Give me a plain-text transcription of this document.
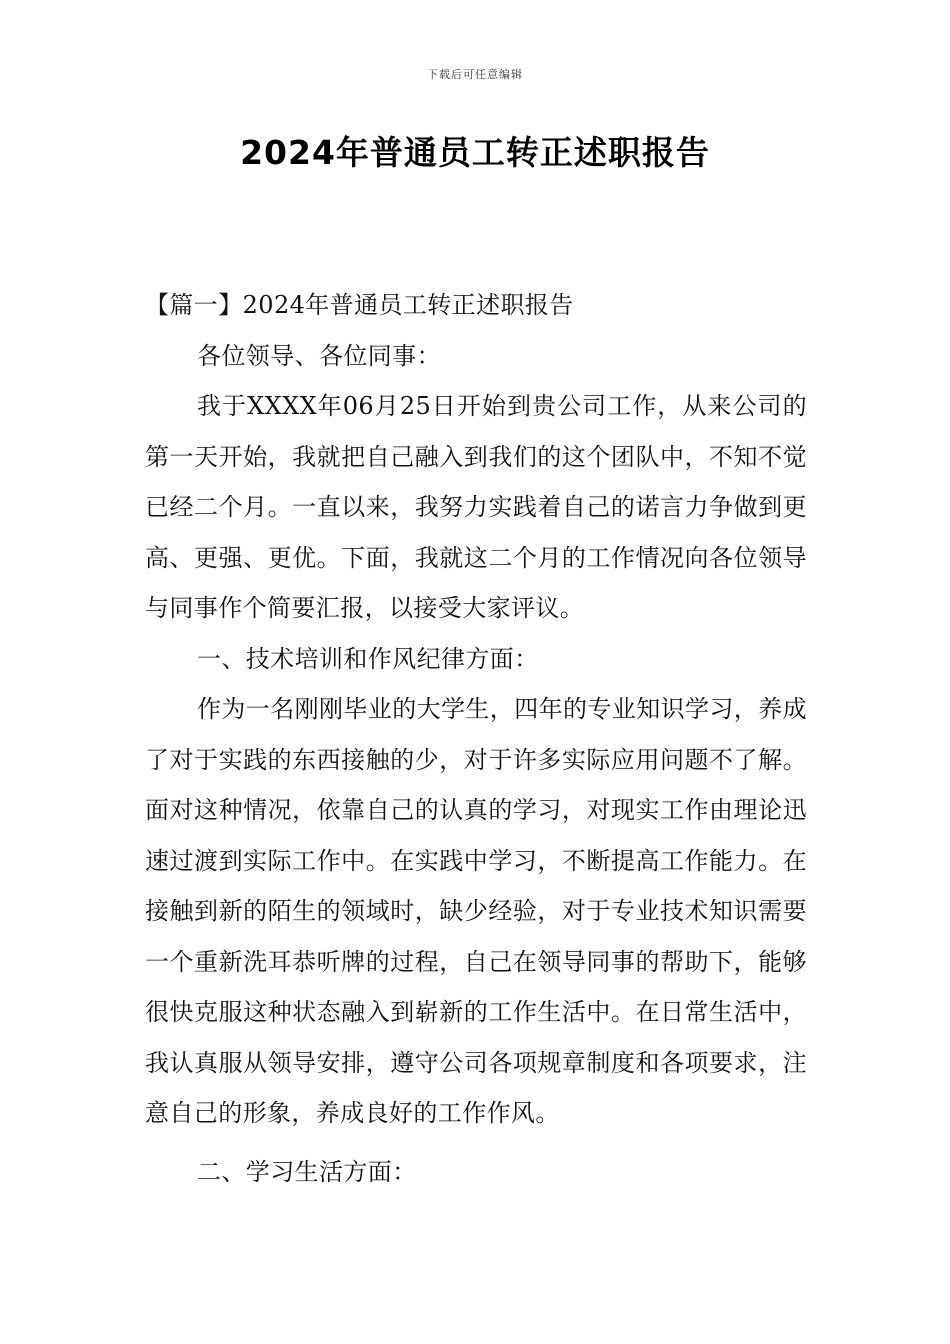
下载后可任意编辑
2024年普通员工转正述职报告

【篇一】2024年普通员工转正述职报告

各位领导、各位同事：

我于XXXX年06月25日开始到贵公司工作，从来公司的第一天开始，我就把自己融入到我们的这个团队中，不知不觉已经二个月。一直以来，我努力实践着自己的诺言力争做到更高、更强、更优。下面，我就这二个月的工作情况向各位领导与同事作个简要汇报，以接受大家评议。

一、技术培训和作风纪律方面：

作为一名刚刚毕业的大学生，四年的专业知识学习，养成了对于实践的东西接触的少，对于许多实际应用问题不了解。面对这种情况，依靠自己的认真的学习，对现实工作由理论迅速过渡到实际工作中。在实践中学习，不断提高工作能力。在接触到新的陌生的领域时，缺少经验，对于专业技术知识需要一个重新洗耳恭听牌的过程，自己在领导同事的帮助下，能够很快克服这种状态融入到崭新的工作生活中。在日常生活中，我认真服从领导安排，遵守公司各项规章制度和各项要求，注意自己的形象，养成良好的工作作风。

二、学习生活方面：
